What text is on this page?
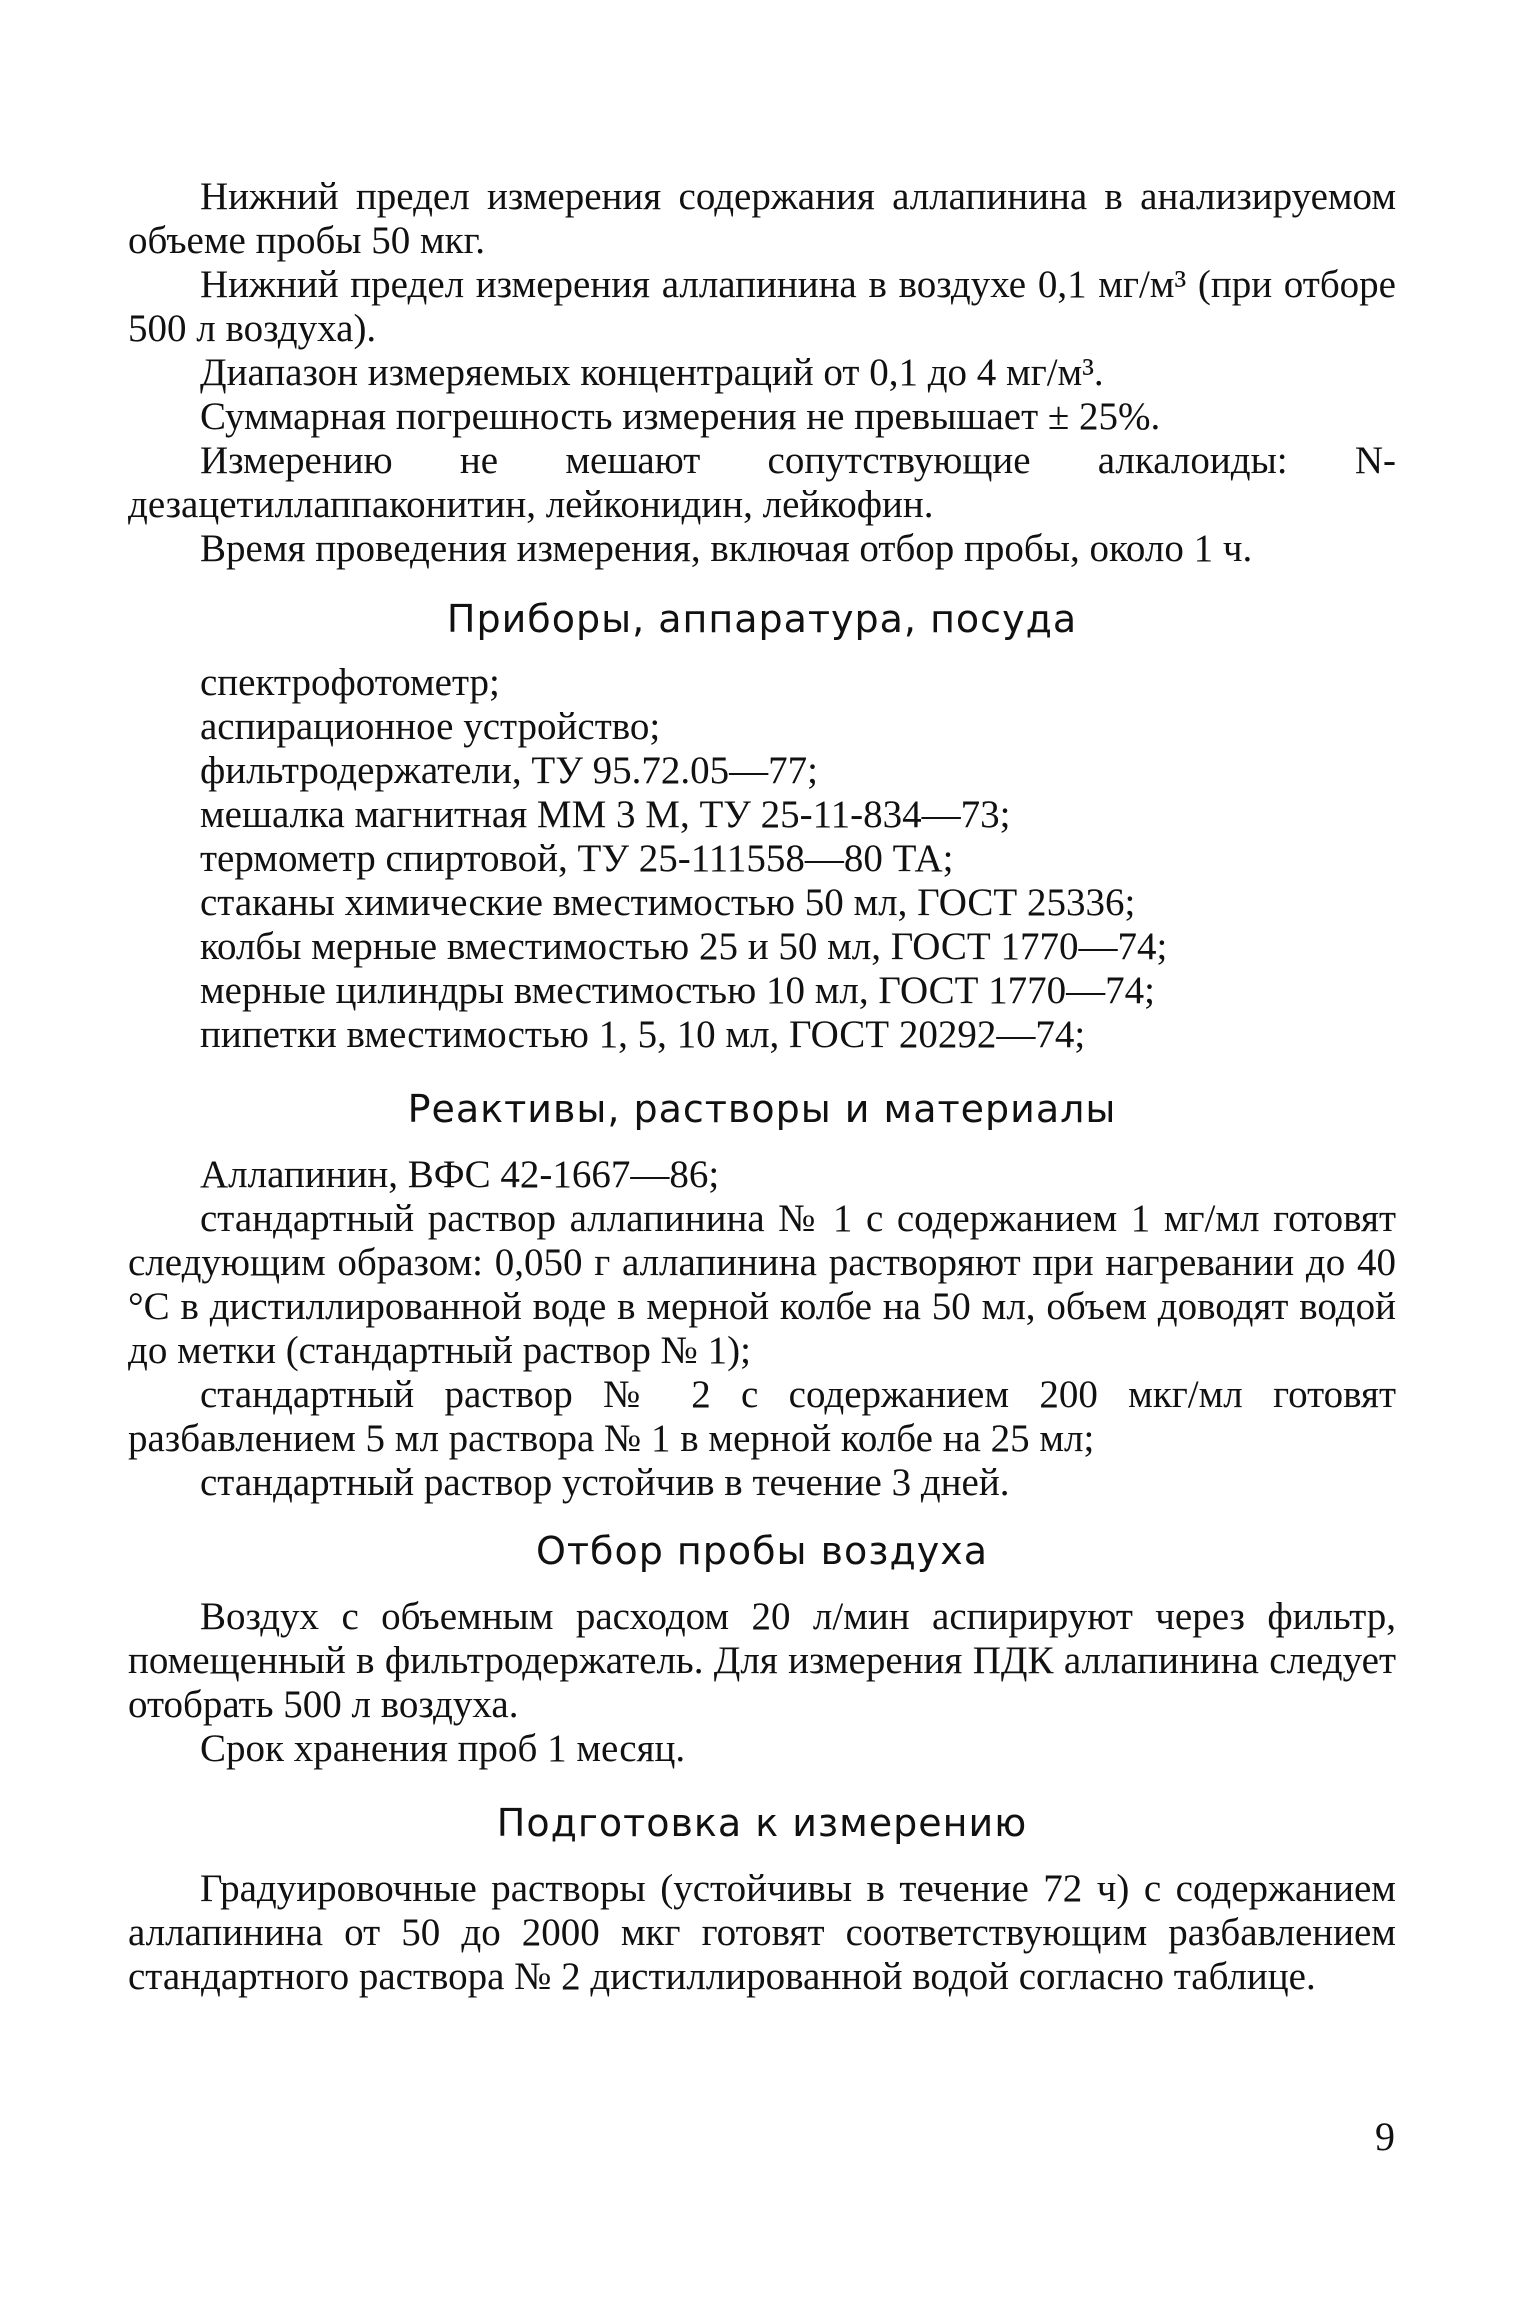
Нижний предел измерения содержания аллапинина в анализируемом объеме пробы 50 мкг.

Нижний предел измерения аллапинина в воздухе 0,1 мг/м³ (при отборе 500 л воздуха).

Диапазон измеряемых концентраций от 0,1 до 4 мг/м³.

Суммарная погрешность измерения не превышает ± 25%.

Измерению не мешают сопутствующие алкалоиды: N-дезацетиллаппаконитин, лейконидин, лейкофин.

Время проведения измерения, включая отбор пробы, около 1 ч.

Приборы, аппаратура, посуда
спектрофотометр;
аспирационное устройство;
фильтродержатели, ТУ 95.72.05—77;
мешалка магнитная ММ 3 М, ТУ 25-11-834—73;
термометр спиртовой, ТУ 25-111558—80 ТА;
стаканы химические вместимостью 50 мл, ГОСТ 25336;
колбы мерные вместимостью 25 и 50 мл, ГОСТ 1770—74;
мерные цилиндры вместимостью 10 мл, ГОСТ 1770—74;
пипетки вместимостью 1, 5, 10 мл, ГОСТ 20292—74;
Реактивы, растворы и материалы

Аллапинин, ВФС 42-1667—86;

стандартный раствор аллапинина № 1 с содержанием 1 мг/мл готовят следующим образом: 0,050 г аллапинина растворяют при нагревании до 40 °С в дистиллированной воде в мерной колбе на 50 мл, объем доводят водой до метки (стандартный раствор № 1);

стандартный раствор № 2 с содержанием 200 мкг/мл готовят разбавлением 5 мл раствора № 1 в мерной колбе на 25 мл;

стандартный раствор устойчив в течение 3 дней.

Отбор пробы воздуха

Воздух с объемным расходом 20 л/мин аспирируют через фильтр, помещенный в фильтродержатель. Для измерения ПДК аллапинина следует отобрать 500 л воздуха.

Срок хранения проб 1 месяц.

Подготовка к измерению

Градуировочные растворы (устойчивы в течение 72 ч) с содержанием аллапинина от 50 до 2000 мкг готовят соответствующим разбавлением стандартного раствора № 2 дистиллированной водой согласно таблице.

9
